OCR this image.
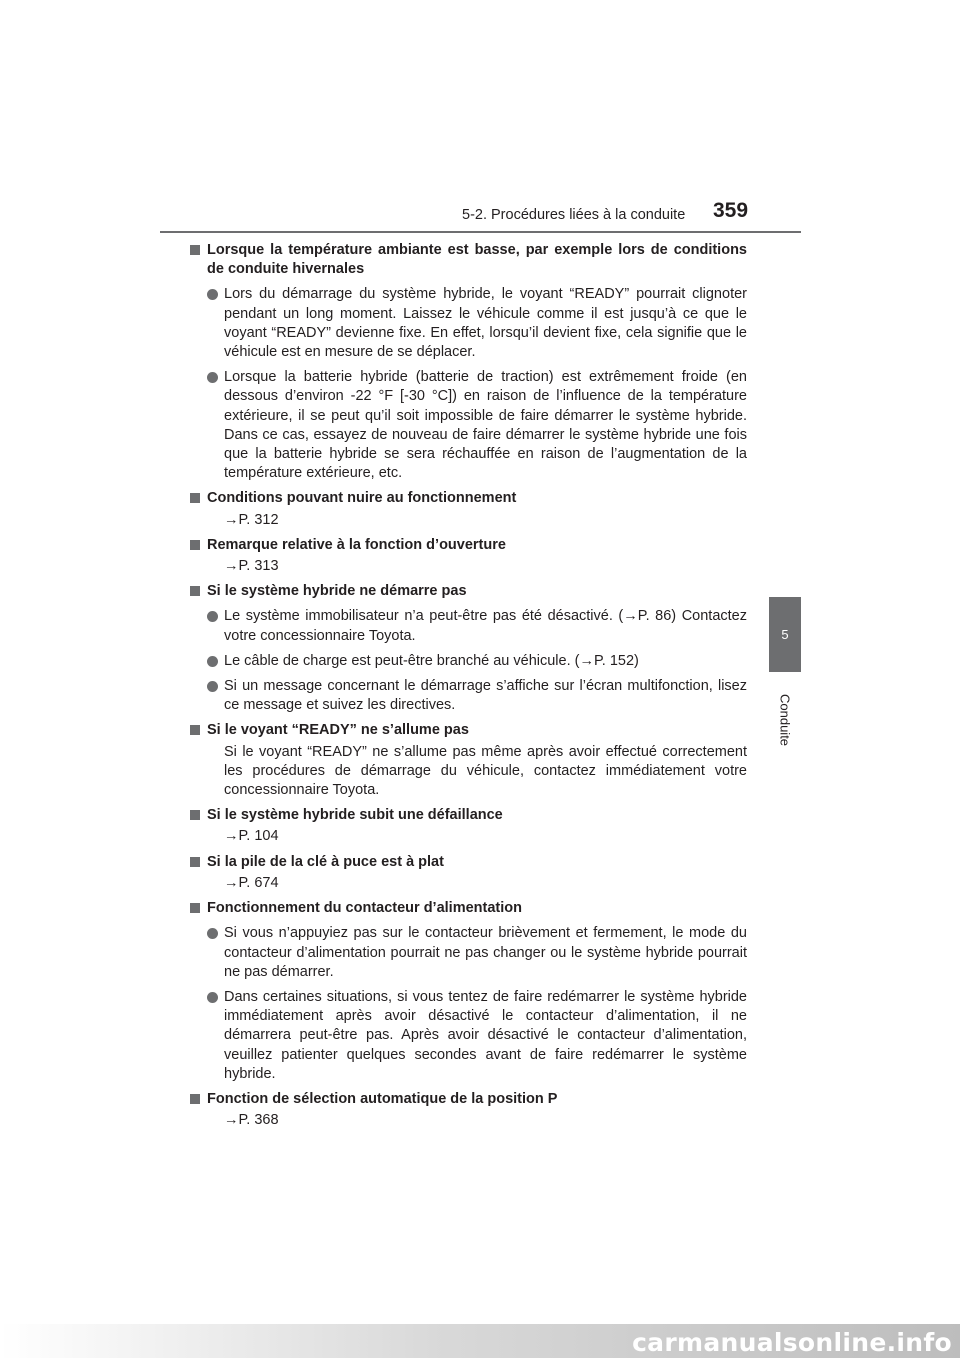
5-2. Procédures liées à la conduite 359
5
Conduite
Lorsque la température ambiante est basse, par exemple lors de conditions de conduite hivernales
Lors du démarrage du système hybride, le voyant “READY” pourrait clignoter pendant un long moment. Laissez le véhicule comme il est jusqu’à ce que le voyant “READY” devienne fixe. En effet, lorsqu’il devient fixe, cela signifie que le véhicule est en mesure de se déplacer.
Lorsque la batterie hybride (batterie de traction) est extrêmement froide (en dessous d’environ -22 °F [-30 °C]) en raison de l’influence de la température extérieure, il se peut qu’il soit impossible de faire démarrer le système hybride. Dans ce cas, essayez de nouveau de faire démarrer le système hybride une fois que la batterie hybride se sera réchauffée en raison de l’augmentation de la température extérieure, etc.
Conditions pouvant nuire au fonctionnement
→P. 312
Remarque relative à la fonction d’ouverture
→P. 313
Si le système hybride ne démarre pas
Le système immobilisateur n’a peut-être pas été désactivé. (→P. 86) Contactez votre concessionnaire Toyota.
Le câble de charge est peut-être branché au véhicule. (→P. 152)
Si un message concernant le démarrage s’affiche sur l’écran multifonction, lisez ce message et suivez les directives.
Si le voyant “READY” ne s’allume pas
Si le voyant “READY” ne s’allume pas même après avoir effectué correctement les procédures de démarrage du véhicule, contactez immédiatement votre concessionnaire Toyota.
Si le système hybride subit une défaillance
→P. 104
Si la pile de la clé à puce est à plat
→P. 674
Fonctionnement du contacteur d’alimentation
Si vous n’appuyiez pas sur le contacteur brièvement et fermement, le mode du contacteur d’alimentation pourrait ne pas changer ou le système hybride pourrait ne pas démarrer.
Dans certaines situations, si vous tentez de faire redémarrer le système hybride immédiatement après avoir désactivé le contacteur d’alimentation, il ne démarrera peut-être pas. Après avoir désactivé le contacteur d’alimentation, veuillez patienter quelques secondes avant de faire redémarrer le système hybride.
Fonction de sélection automatique de la position P
→P. 368
carmanualsonline.info
